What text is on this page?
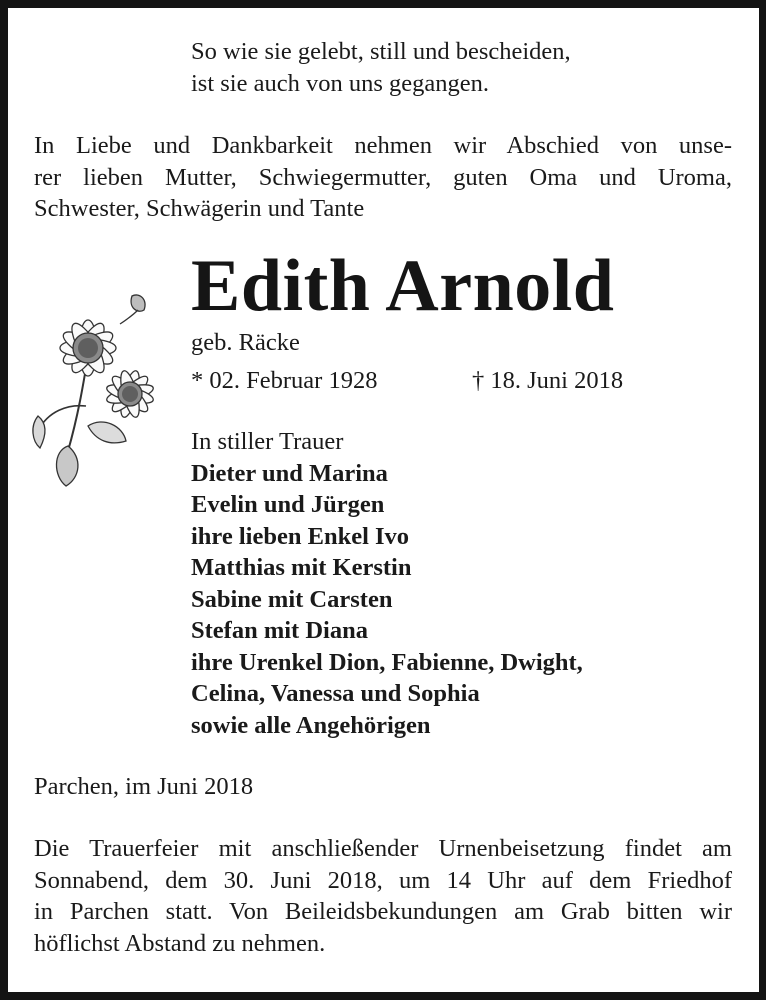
So wie sie gelebt, still und bescheiden,
ist sie auch von uns gegangen.
In Liebe und Dankbarkeit nehmen wir Abschied von unse-
rer lieben Mutter, Schwiegermutter, guten Oma und Uroma,
Schwester, Schwägerin und Tante
Edith Arnold
geb. Räcke
* 02. Februar 1928	† 18. Juni 2018
In stiller Trauer
Dieter und Marina
Evelin und Jürgen
ihre lieben Enkel Ivo
Matthias mit Kerstin
Sabine mit Carsten
Stefan mit Diana
ihre Urenkel Dion, Fabienne, Dwight,
Celina, Vanessa und Sophia
sowie alle Angehörigen
Parchen, im Juni 2018
Die Trauerfeier mit anschließender Urnenbeisetzung findet am
Sonnabend, dem 30. Juni 2018, um 14 Uhr auf dem Friedhof
in Parchen statt. Von Beileidsbekundungen am Grab bitten wir
höflichst Abstand zu nehmen.
